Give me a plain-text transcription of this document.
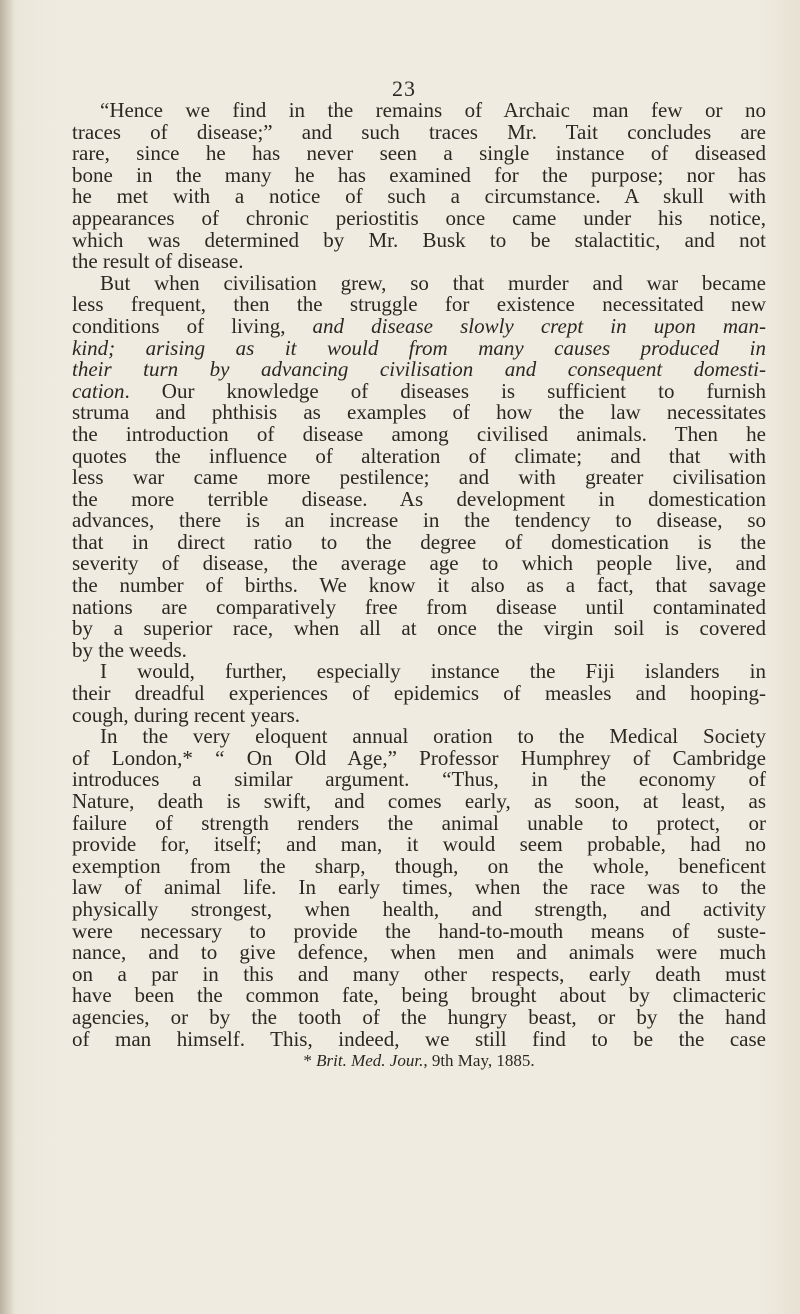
23
“Hence we find in the remains of Archaic man few or no
traces of disease;” and such traces Mr. Tait concludes are
rare, since he has never seen a single instance of diseased
bone in the many he has examined for the purpose; nor has
he met with a notice of such a circumstance. A skull with
appearances of chronic periostitis once came under his notice,
which was determined by Mr. Busk to be stalactitic, and not
the result of disease.
But when civilisation grew, so that murder and war became
less frequent, then the struggle for existence necessitated new
conditions of living, and disease slowly crept in upon man-
kind; arising as it would from many causes produced in
their turn by advancing civilisation and consequent domesti-
cation. Our knowledge of diseases is sufficient to furnish
struma and phthisis as examples of how the law necessitates
the introduction of disease among civilised animals. Then he
quotes the influence of alteration of climate; and that with
less war came more pestilence; and with greater civilisation
the more terrible disease. As development in domestication
advances, there is an increase in the tendency to disease, so
that in direct ratio to the degree of domestication is the
severity of disease, the average age to which people live, and
the number of births. We know it also as a fact, that savage
nations are comparatively free from disease until contaminated
by a superior race, when all at once the virgin soil is covered
by the weeds.
I would, further, especially instance the Fiji islanders in
their dreadful experiences of epidemics of measles and hooping-
cough, during recent years.
In the very eloquent annual oration to the Medical Society
of London,* “ On Old Age,” Professor Humphrey of Cambridge
introduces a similar argument. “Thus, in the economy of
Nature, death is swift, and comes early, as soon, at least, as
failure of strength renders the animal unable to protect, or
provide for, itself; and man, it would seem probable, had no
exemption from the sharp, though, on the whole, beneficent
law of animal life. In early times, when the race was to the
physically strongest, when health, and strength, and activity
were necessary to provide the hand-to-mouth means of suste-
nance, and to give defence, when men and animals were much
on a par in this and many other respects, early death must
have been the common fate, being brought about by climacteric
agencies, or by the tooth of the hungry beast, or by the hand
of man himself. This, indeed, we still find to be the case
* Brit. Med. Jour., 9th May, 1885.
